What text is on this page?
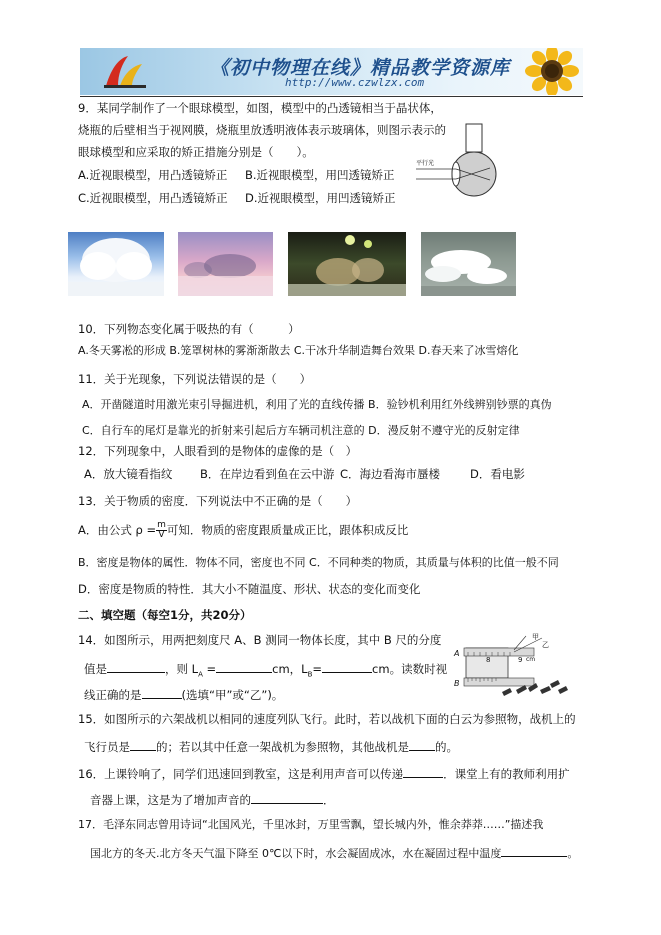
《初中物理在线》精品教学资源库
http://www.czwlzx.com
9．某同学制作了一个眼球模型，如图，模型中的凸透镜相当于晶状体，
烧瓶的后壁相当于视网膜，烧瓶里放透明液体表示玻璃体，则图示表示的
眼球模型和应采取的矫正措施分别是（　　）。
A.近视眼模型，用凸透镜矫正 B.近视眼模型，用凹透镜矫正
C.近视眼模型，用凸透镜矫正 D.近视眼模型，用凹透镜矫正
平行光
10．下列物态变化属于吸热的有（　　　）
A.冬天雾凇的形成 B.笼罩树林的雾渐渐散去 C.干冰升华制造舞台效果 D.春天来了冰雪熔化
11．关于光现象，下列说法错误的是（　　）
A．开凿隧道时用激光束引导掘进机，利用了光的直线传播 B．验钞机利用红外线辨别钞票的真伪
C．自行车的尾灯是靠光的折射来引起后方车辆司机注意的 D．漫反射不遵守光的反射定律
12．下列现象中，人眼看到的是物体的虚像的是（　）
A．放大镜看指纹 B．在岸边看到鱼在云中游 C．海边看海市蜃楼	D．看电影
13．关于物质的密度．下列说法中不正确的是（　　）
A．由公式 $\rho = \frac{m}{V}$ 可知．物质的密度跟质量成正比，跟体积成反比
B．密度是物体的属性．物体不同，密度也不同 C．不同种类的物质，其质量与体积的比值一般不同
D．密度是物质的特性．其大小不随温度、形状、状态的变化而变化
二、填空题（每空1分，共20分）
14．如图所示，用两把刻度尺 A、B 测同一物体长度，其中 B 尺的分度
值是	，则 $L_A$ =	cm，$L_B=$	cm。读数时视
线正确的是	(选填“甲”或“乙”)。
A
B
甲
乙
8	9 cm
15．如图所示的六架战机以相同的速度列队飞行。此时，若以战机下面的白云为参照物，战机上的
飞行员是 的；若以其中任意一架战机为参照物，其他战机是 的。
16．上课铃响了，同学们迅速回到教室，这是利用声音可以传递	．课堂上有的教师利用扩
音器上课，这是为了增加声音的	．
17．毛泽东同志曾用诗词“北国风光，千里冰封，万里雪飘，望长城内外，惟余莽莽……”描述我
国北方的冬天.北方冬天气温下降至 0℃以下时，水会凝固成冰，水在凝固过程中温度	。
